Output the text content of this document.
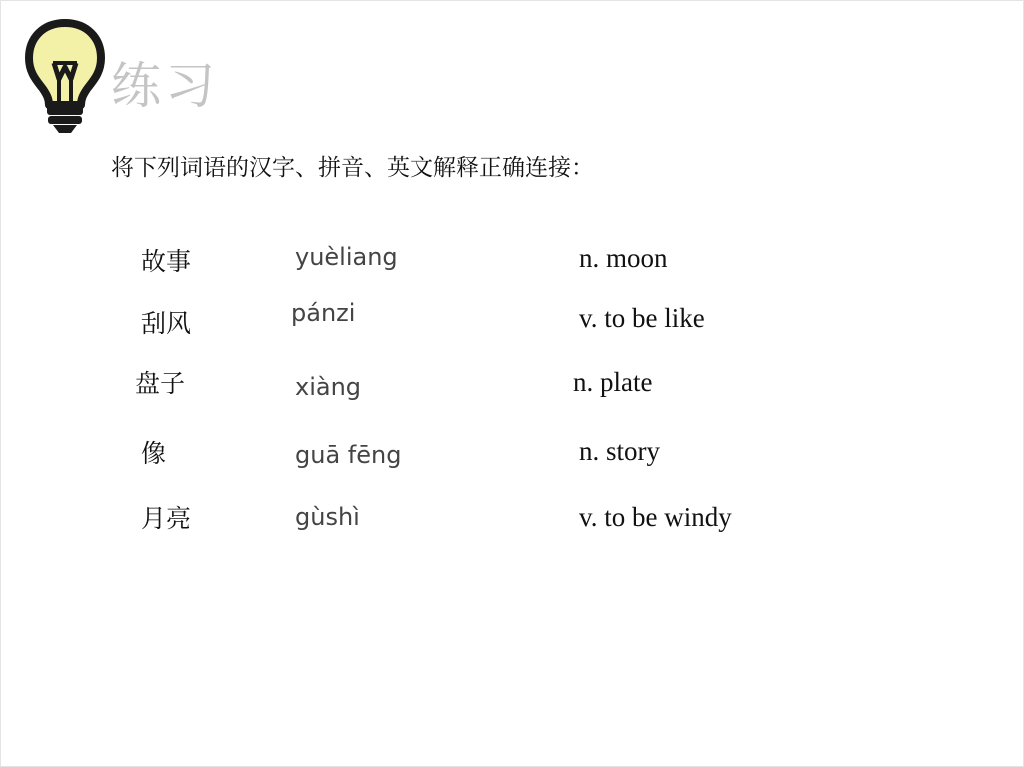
练习
将下列词语的汉字、拼音、英文解释正确连接：
故事
刮风
盘子
像
月亮
yuèliang
pánzi
xiàng
guā fēng
gùshì
n. moon
v. to be like
n. plate
n. story
v. to be windy
